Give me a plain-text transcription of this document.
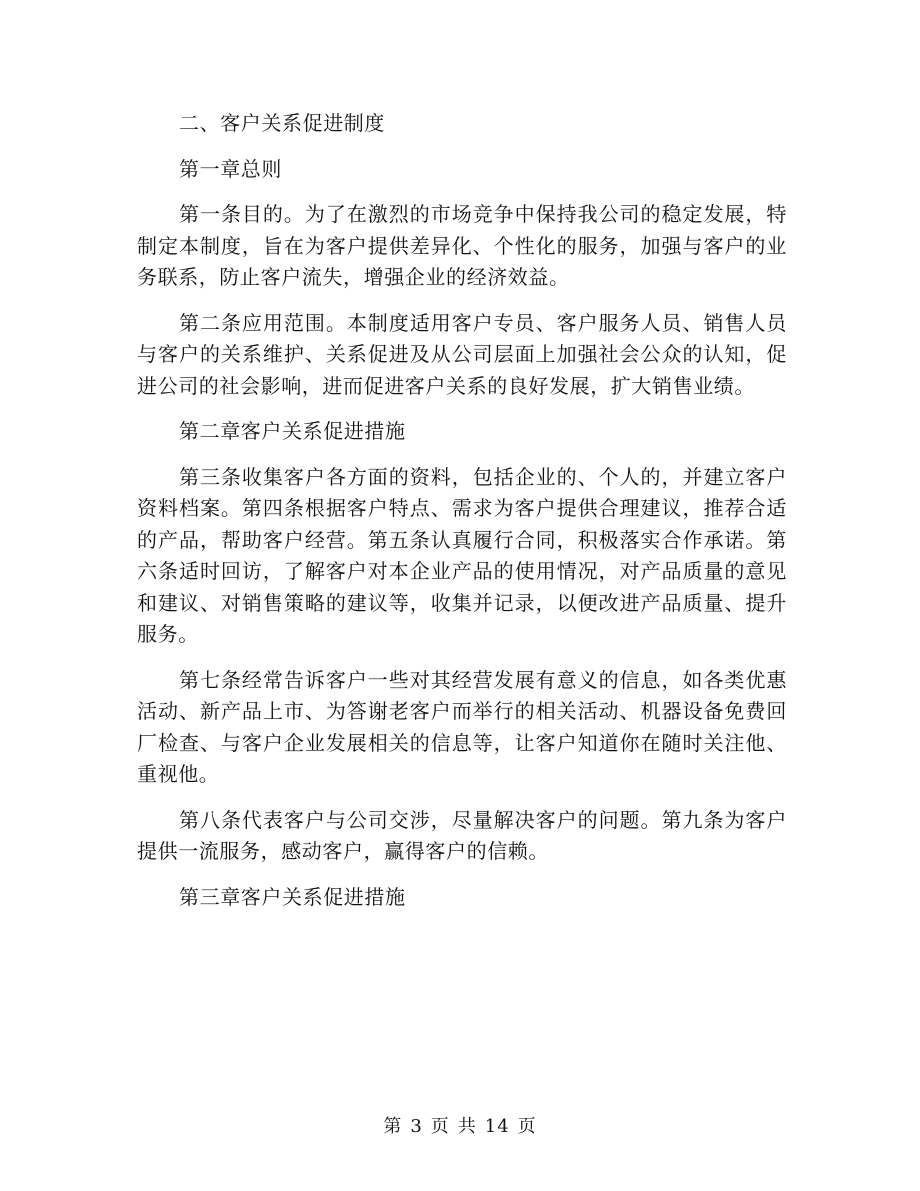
二、客户关系促进制度

第一章总则

第一条目的。为了在激烈的市场竞争中保持我公司的稳定发展，特制定本制度，旨在为客户提供差异化、个性化的服务，加强与客户的业务联系，防止客户流失，增强企业的经济效益。

第二条应用范围。本制度适用客户专员、客户服务人员、销售人员与客户的关系维护、关系促进及从公司层面上加强社会公众的认知，促进公司的社会影响，进而促进客户关系的良好发展，扩大销售业绩。

第二章客户关系促进措施

第三条收集客户各方面的资料，包括企业的、个人的，并建立客户资料档案。第四条根据客户特点、需求为客户提供合理建议，推荐合适的产品，帮助客户经营。第五条认真履行合同，积极落实合作承诺。第六条适时回访，了解客户对本企业产品的使用情况，对产品质量的意见和建议、对销售策略的建议等，收集并记录，以便改进产品质量、提升服务。

第七条经常告诉客户一些对其经营发展有意义的信息，如各类优惠活动、新产品上市、为答谢老客户而举行的相关活动、机器设备免费回厂检查、与客户企业发展相关的信息等，让客户知道你在随时关注他、重视他。

第八条代表客户与公司交涉，尽量解决客户的问题。第九条为客户提供一流服务，感动客户，赢得客户的信赖。

第三章客户关系促进措施

第 3 页 共 14 页
